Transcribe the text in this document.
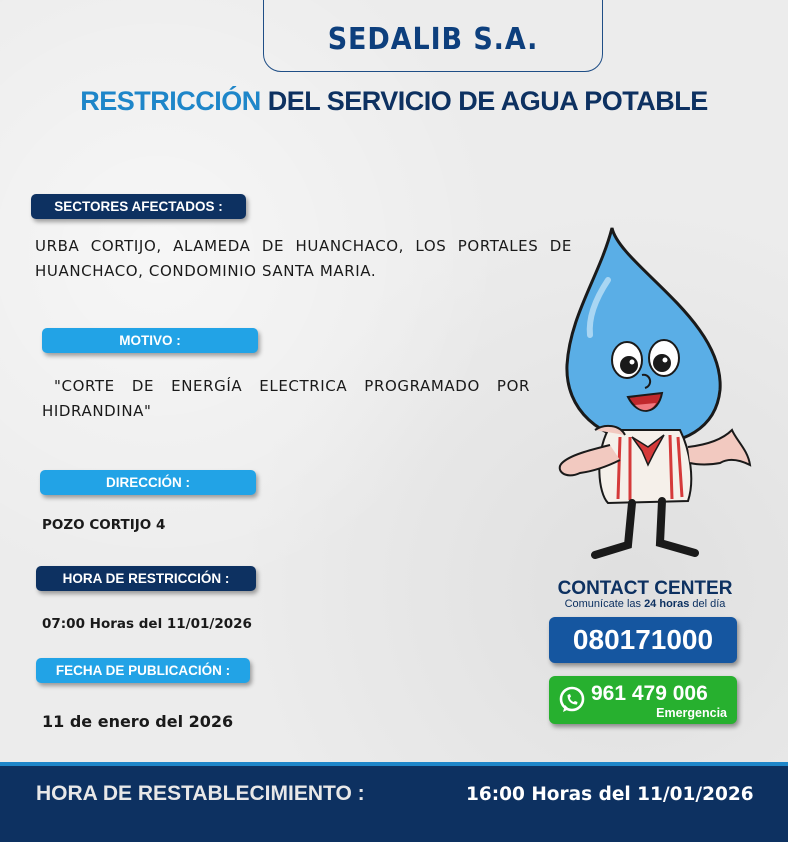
SEDALIB S.A.
RESTRICCIÓN DEL SERVICIO DE AGUA POTABLE
SECTORES AFECTADOS :
URBA CORTIJO, ALAMEDA DE HUANCHACO, LOS PORTALES DE HUANCHACO, CONDOMINIO SANTA MARIA.
MOTIVO :
"CORTE DE ENERGÍA ELECTRICA PROGRAMADO POR HIDRANDINA"
DIRECCIÓN :
POZO CORTIJO 4
HORA DE RESTRICCIÓN :
07:00 Horas del 11/01/2026
FECHA DE PUBLICACIÓN :
11 de enero del 2026
CONTACT CENTER
Comunícate las 24 horas del día
080171000
961 479 006
Emergencia
HORA DE RESTABLECIMIENTO :	16:00 Horas del 11/01/2026
